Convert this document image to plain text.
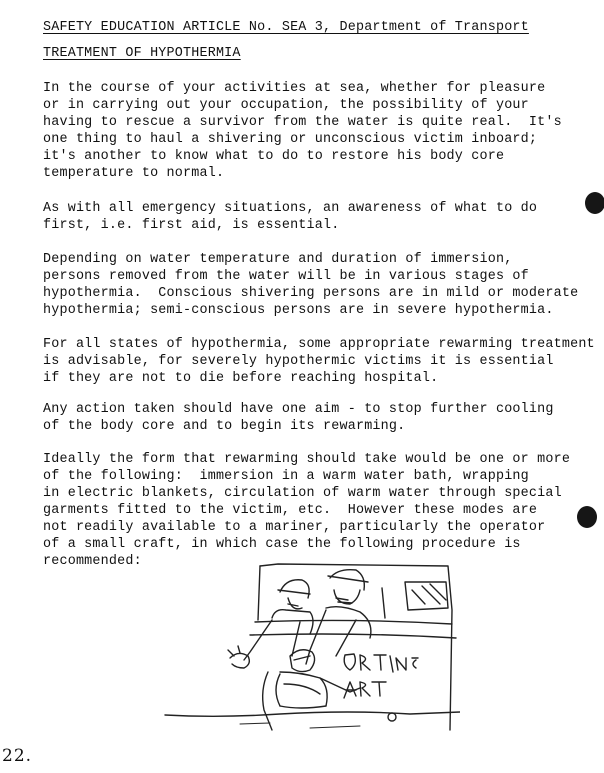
SAFETY EDUCATION ARTICLE No. SEA 3, Department of Transport

TREATMENT OF HYPOTHERMIA

In the course of your activities at sea, whether for pleasure

or in carrying out your occupation, the possibility of your

having to rescue a survivor from the water is quite real.  It's

one thing to haul a shivering or unconscious victim inboard;

it's another to know what to do to restore his body core

temperature to normal.

As with all emergency situations, an awareness of what to do

first, i.e. first aid, is essential.

Depending on water temperature and duration of immersion,

persons removed from the water will be in various stages of

hypothermia.  Conscious shivering persons are in mild or moderate

hypothermia; semi-conscious persons are in severe hypothermia.

For all states of hypothermia, some appropriate rewarming treatment

is advisable, for severely hypothermic victims it is essential

if they are not to die before reaching hospital.

Any action taken should have one aim - to stop further cooling

of the body core and to begin its rewarming.

Ideally the form that rewarming should take would be one or more

of the following:  immersion in a warm water bath, wrapping

in electric blankets, circulation of warm water through special

garments fitted to the victim, etc.  However these modes are

not readily available to a mariner, particularly the operator

of a small craft, in which case the following procedure is

recommended:

22.
